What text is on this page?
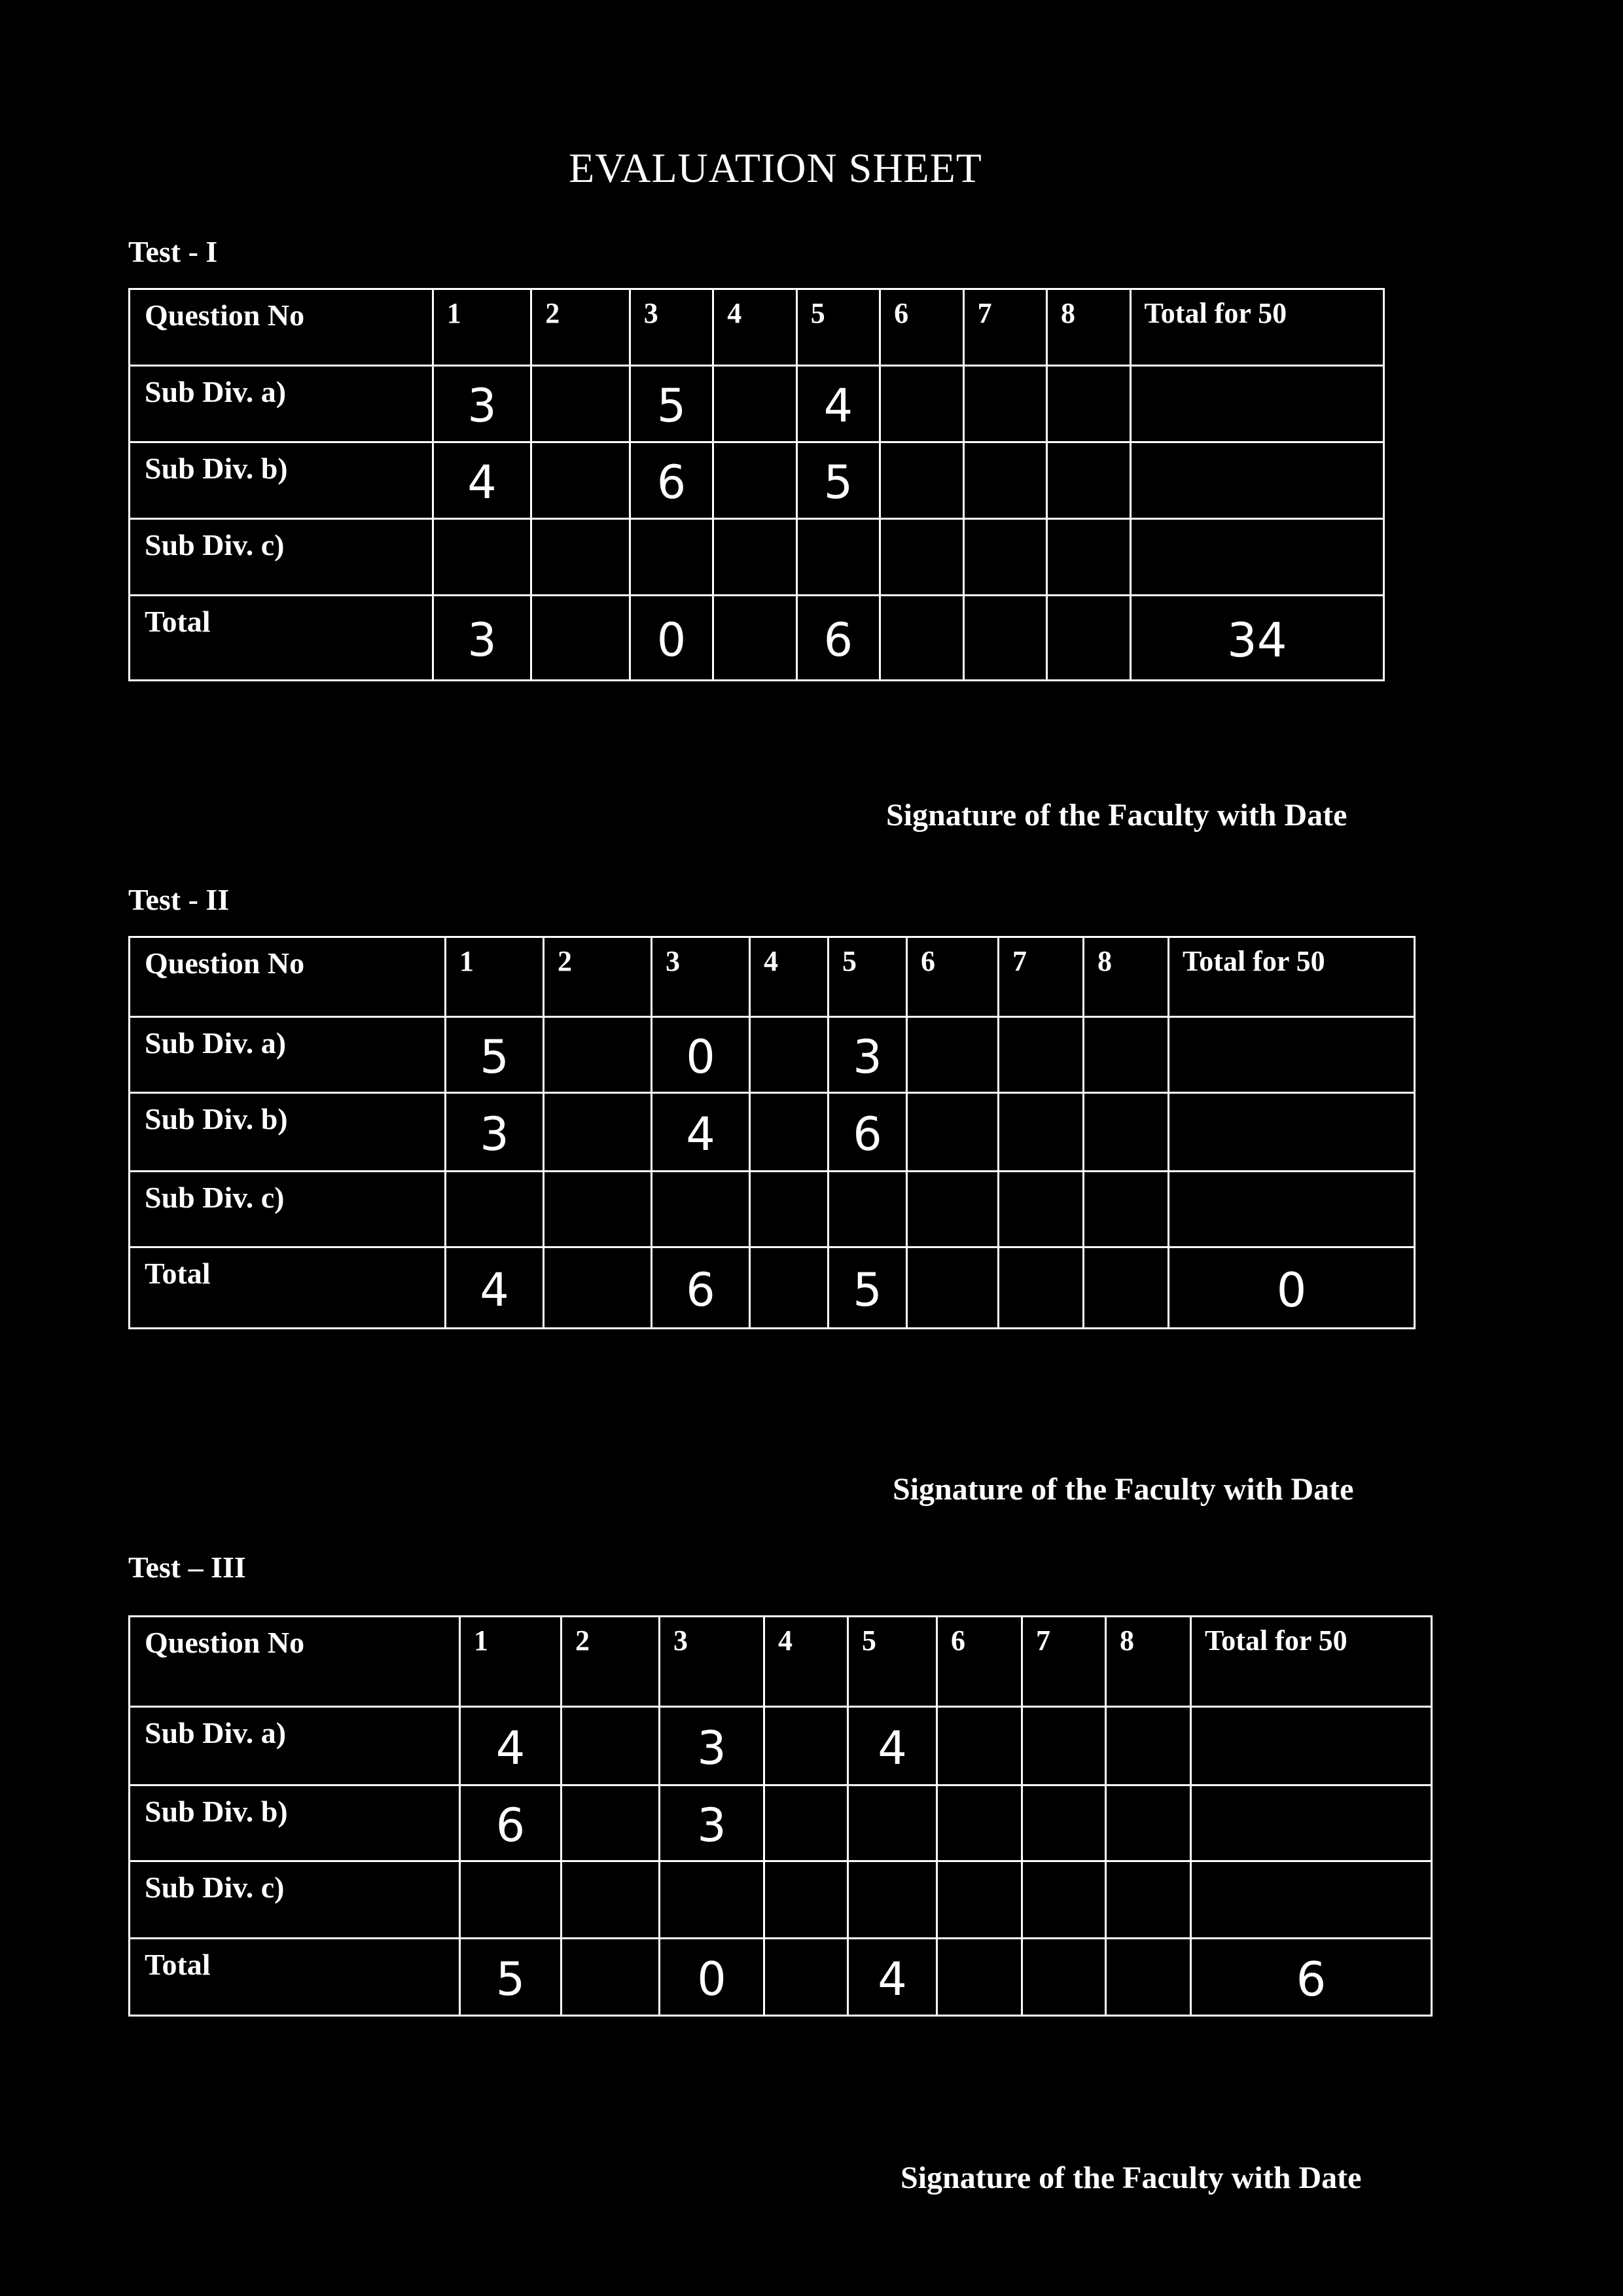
EVALUATION SHEET
Test - I
Question No	1	2	3	4	5	6	7	8	Total for 50
Sub Div. a)	3		5		4				
Sub Div. b)	4		6		5				
Sub Div. c)									
Total	3		0		6				34
Signature of the Faculty with Date
Test - II
Question No	1	2	3	4	5	6	7	8	Total for 50
Sub Div. a)	5		0		3				
Sub Div. b)	3		4		6				
Sub Div. c)									
Total	4		6		5				0
Signature of the Faculty with Date
Test – III
Question No	1	2	3	4	5	6	7	8	Total for 50
Sub Div. a)	4		3		4				
Sub Div. b)	6		3						
Sub Div. c)									
Total	5		0		4				6
Signature of the Faculty with Date
